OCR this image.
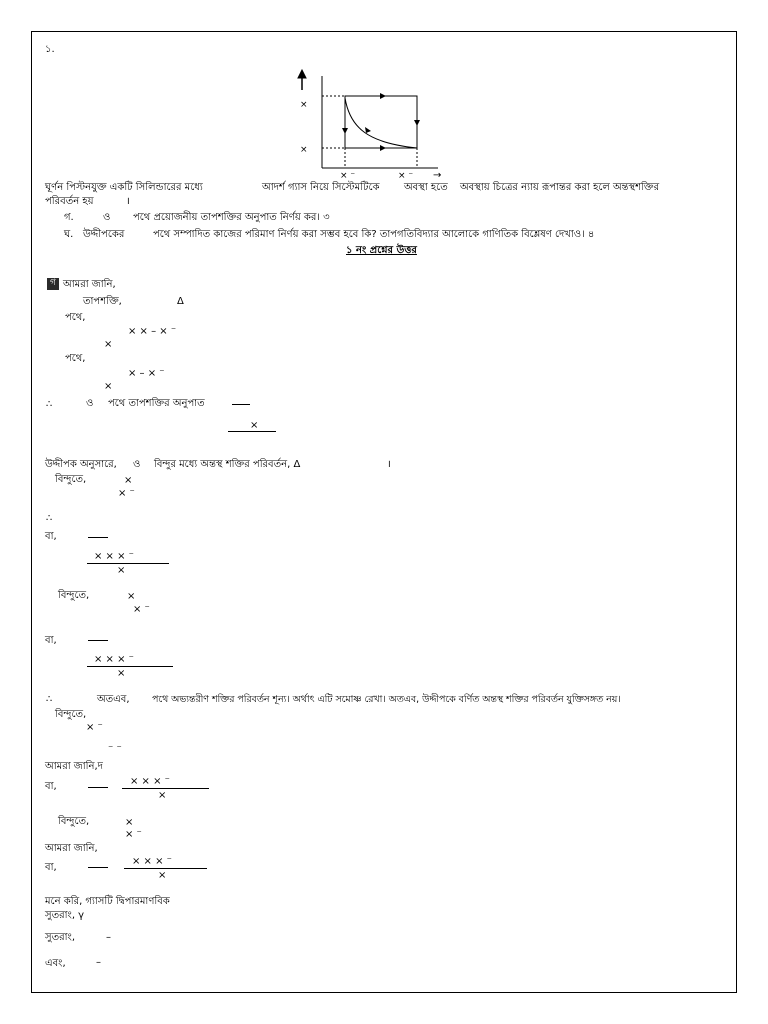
১.
×
×
× ⁻	× ⁻ →
ঘূর্ণন পিস্টনযুক্ত একটি সিলিন্ডারের মধ্যে	আদর্শ গ্যাস নিয়ে সিস্টেমটিকে অবস্থা হতে অবস্থায় চিত্রের ন্যায় রূপান্তর করা হলে অন্তস্থশক্তির
পরিবর্তন হয়	।
গ.	ও পথে প্রয়োজনীয় তাপশক্তির অনুপাত নির্ণয় কর। ৩
ঘ. উদ্দীপকের	পথে সম্পাদিত কাজের পরিমাণ নির্ণয় করা সম্ভব হবে কি? তাপগতিবিদ্যার আলোকে গাণিতিক বিশ্লেষণ দেখাও। ৪
১ নং প্রশ্নের উত্তর
গ আমরা জানি,
তাপশক্তি,	Δ
পথে,
× × – × ⁻
×
পথে,
× – × ⁻
×
∴	ও পথে তাপশক্তির অনুপাত
×
উদ্দীপক অনুসারে, ও বিন্দুর মধ্যে অন্তস্থ শক্তির পরিবর্তন, Δ	।
বিন্দুতে,	×
× ⁻
∴
বা,
× × × ⁻
×
বিন্দুতে,	×
× ⁻
বা,
× × × ⁻
×
∴	অতএব, পথে অভ্যন্তরীণ শক্তির পরিবর্তন শূন্য। অর্থাৎ এটি সমোষ্ণ রেখা। অতএব, উদ্দীপকে বর্ণিত অন্তস্থ শক্তির পরিবর্তন যুক্তিসঙ্গত নয়।
বিন্দুতে,
× ⁻
⁻ ⁻
আমরা জানি,দ
বা,	× × × ⁻
×
বিন্দুতে,	×
× ⁻
আমরা জানি,
বা,
× × × ⁻
×
মনে করি, গ্যাসটি দ্বিপারমাণবিক
সুতরাং, γ
সুতরাং,	–
এবং,	–
